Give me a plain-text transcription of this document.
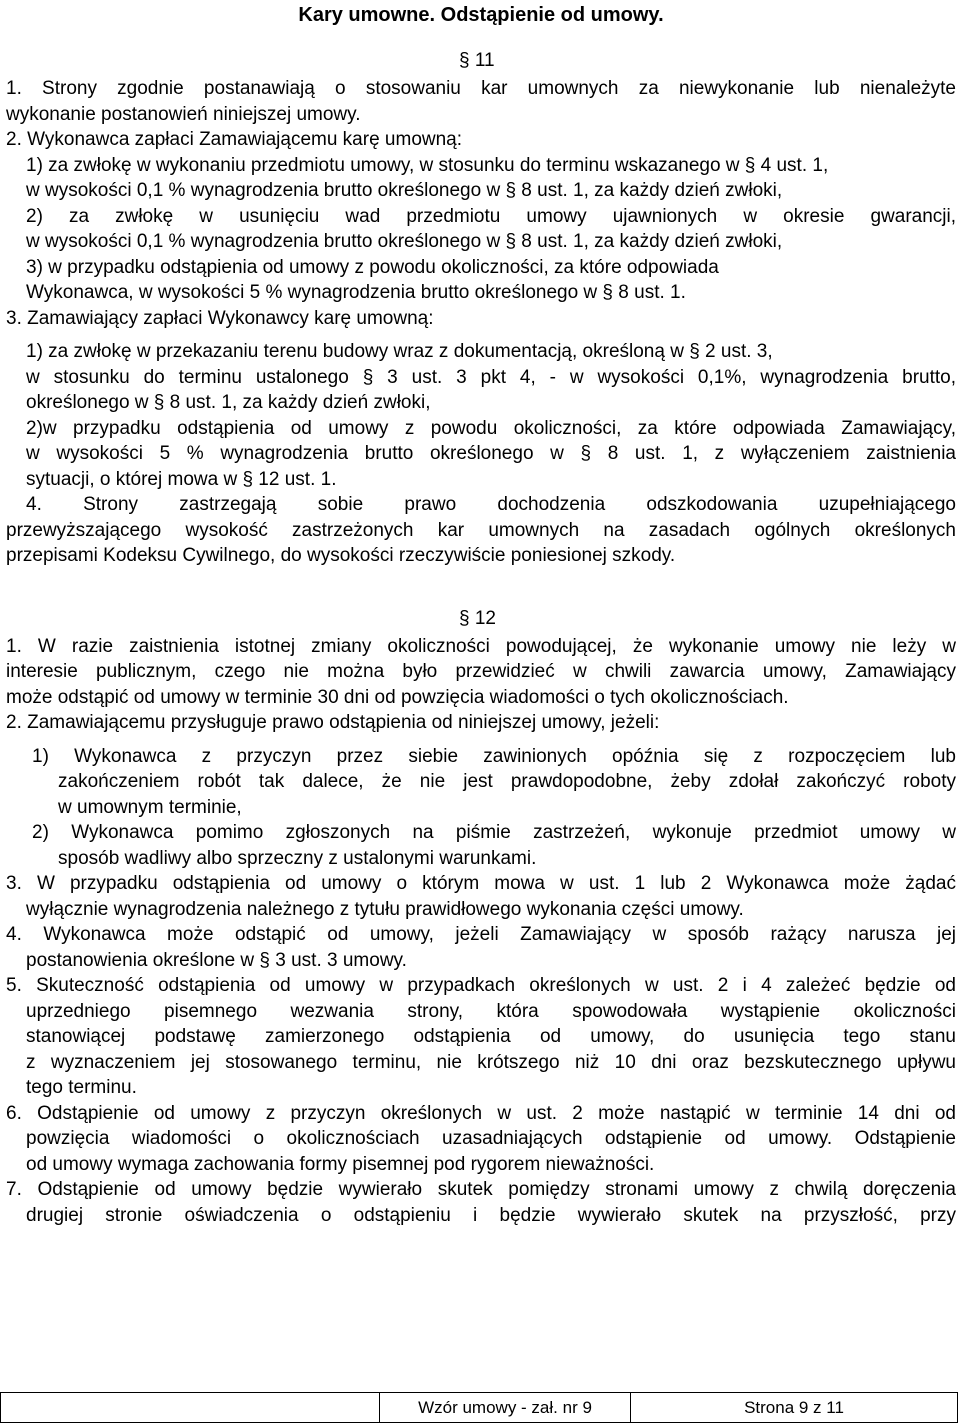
Kary umowne. Odstąpienie od umowy.
§ 11
1. Strony zgodnie postanawiają o stosowaniu kar umownych za niewykonanie lub nienależyte
wykonanie postanowień niniejszej umowy.
2. Wykonawca zapłaci Zamawiającemu karę umowną:
1) za zwłokę w wykonaniu przedmiotu umowy, w stosunku do terminu wskazanego w § 4 ust. 1,
w wysokości 0,1 % wynagrodzenia brutto określonego w § 8 ust. 1, za każdy dzień zwłoki,
2) za zwłokę w usunięciu wad przedmiotu umowy ujawnionych w okresie gwarancji,
w wysokości 0,1 % wynagrodzenia brutto określonego w § 8 ust. 1, za każdy dzień zwłoki,
3) w przypadku odstąpienia od umowy z powodu okoliczności, za które odpowiada
Wykonawca, w wysokości 5 % wynagrodzenia brutto określonego w § 8 ust. 1.
3. Zamawiający zapłaci Wykonawcy karę umowną:
1) za zwłokę w przekazaniu terenu budowy wraz z dokumentacją, określoną w § 2 ust. 3,
w stosunku do terminu ustalonego § 3 ust. 3 pkt 4, - w wysokości 0,1%, wynagrodzenia brutto,
określonego w § 8 ust. 1, za każdy dzień zwłoki,
2)w przypadku odstąpienia od umowy z powodu okoliczności, za które odpowiada Zamawiający,
w wysokości 5 % wynagrodzenia brutto określonego w § 8 ust. 1, z wyłączeniem zaistnienia
sytuacji, o której mowa w § 12 ust. 1.
4. Strony zastrzegają sobie prawo dochodzenia odszkodowania uzupełniającego
przewyższającego wysokość zastrzeżonych kar umownych na zasadach ogólnych określonych
przepisami Kodeksu Cywilnego, do wysokości rzeczywiście poniesionej szkody.
§ 12
1. W razie zaistnienia istotnej zmiany okoliczności powodującej, że wykonanie umowy nie leży w
interesie publicznym, czego nie można było przewidzieć w chwili zawarcia umowy, Zamawiający
może odstąpić od umowy w terminie 30 dni od powzięcia wiadomości o tych okolicznościach.
2. Zamawiającemu przysługuje prawo odstąpienia od niniejszej umowy, jeżeli:
1) Wykonawca z przyczyn przez siebie zawinionych opóźnia się z rozpoczęciem lub
zakończeniem robót tak dalece, że nie jest prawdopodobne, żeby zdołał zakończyć roboty
w umownym terminie,
2) Wykonawca pomimo zgłoszonych na piśmie zastrzeżeń, wykonuje przedmiot umowy w
sposób wadliwy albo sprzeczny z ustalonymi warunkami.
3. W przypadku odstąpienia od umowy o którym mowa w ust. 1 lub 2 Wykonawca może żądać
wyłącznie wynagrodzenia należnego z tytułu prawidłowego wykonania części umowy.
4. Wykonawca może odstąpić od umowy, jeżeli Zamawiający w sposób rażący narusza jej
postanowienia określone w § 3 ust. 3 umowy.
5. Skuteczność odstąpienia od umowy w przypadkach określonych w ust. 2 i 4 zależeć będzie od
uprzedniego pisemnego wezwania strony, która spowodowała wystąpienie okoliczności
stanowiącej podstawę zamierzonego odstąpienia od umowy, do usunięcia tego stanu
z wyznaczeniem jej stosowanego terminu, nie krótszego niż 10 dni oraz bezskutecznego upływu
tego terminu.
6. Odstąpienie od umowy z przyczyn określonych w ust. 2 może nastąpić w terminie 14 dni od
powzięcia wiadomości o okolicznościach uzasadniających odstąpienie od umowy. Odstąpienie
od umowy wymaga zachowania formy pisemnej pod rygorem nieważności.
7. Odstąpienie od umowy będzie wywierało skutek pomiędzy stronami umowy z chwilą doręczenia
drugiej stronie oświadczenia o odstąpieniu i będzie wywierało skutek na przyszłość, przy
Wzór umowy - zał. nr 9	Strona 9 z 11
